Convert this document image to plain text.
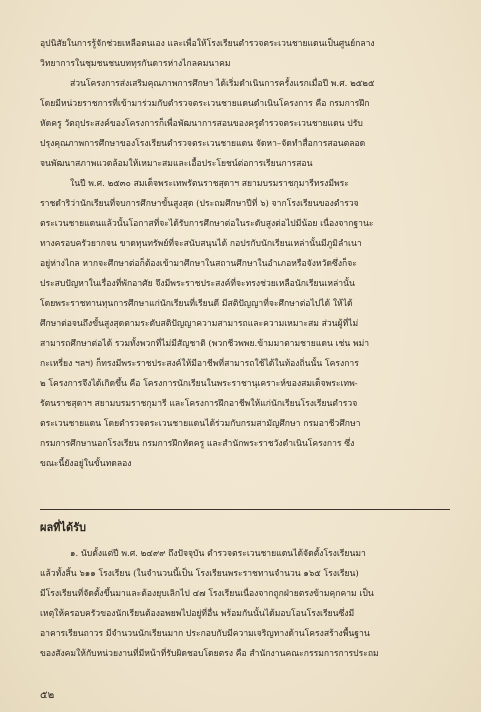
อุปนิสัยในการรู้จักช่วยเหลือตนเอง และเพื่อให้โรงเรียนตำรวจตระเวนชายแดนเป็นศูนย์กลาง
วิทยาการในชุมชนชนบททุรกันดารห่างไกลคมนาคม
ส่วนโครงการส่งเสริมคุณภาพการศึกษา ได้เริ่มดำเนินการครั้งแรกเมื่อปี พ.ศ. ๒๕๒๕
โดยมีหน่วยราชการที่เข้ามาร่วมกับตำรวจตระเวนชายแดนดำเนินโครงการ คือ กรมการฝึก
หัดครู วัตถุประสงค์ของโครงการก็เพื่อพัฒนาการสอนของครูตำรวจตระเวนชายแดน ปรับ
ปรุงคุณภาพการศึกษาของโรงเรียนตำรวจตระเวนชายแดน จัดหา–จัดทำสื่อการสอนตลอด
จนพัฒนาสภาพแวดล้อมให้เหมาะสมและเอื้อประโยชน์ต่อการเรียนการสอน
ในปี พ.ศ. ๒๕๓๐ สมเด็จพระเทพรัตนราชสุดาฯ สยามบรมราชกุมารีทรงมีพระ
ราชดำริว่านักเรียนที่จบการศึกษาขั้นสูงสุด (ประถมศึกษาปีที่ ๖) จากโรงเรียนของตำรวจ
ตระเวนชายแดนแล้วนั้นโอกาสที่จะได้รับการศึกษาต่อในระดับสูงต่อไปมีน้อย เนื่องจากฐานะ
ทางครอบครัวยากจน ขาดทุนทรัพย์ที่จะสนับสนุนได้ กอปรกับนักเรียนเหล่านั้นมีภูมิลำเนา
อยู่ห่างไกล หากจะศึกษาต่อก็ต้องเข้ามาศึกษาในสถานศึกษาในอำเภอหรือจังหวัดซึ่งก็จะ
ประสบปัญหาในเรื่องที่พักอาศัย จึงมีพระราชประสงค์ที่จะทรงช่วยเหลือนักเรียนเหล่านั้น
โดยพระราชทานทุนการศึกษาแก่นักเรียนที่เรียนดี มีสติปัญญาที่จะศึกษาต่อไปได้ ให้ได้
ศึกษาต่อจนถึงขั้นสูงสุดตามระดับสติปัญญาความสามารถและความเหมาะสม ส่วนผู้ที่ไม่
สามารถศึกษาต่อได้ รวมทั้งพวกที่ไม่มีสัญชาติ (พวกชีวพพย.ข้ามมาตามชายแดน เช่น พม่า
กะเหรี่ยง ฯลฯ) ก็ทรงมีพระราชประสงค์ให้มีอาชีพที่สามารถใช้ได้ในท้องถิ่นนั้น โครงการ
๒ โครงการจึงได้เกิดขึ้น คือ โครงการนักเรียนในพระราชานุเคราะห์ของสมเด็จพระเทพ-
รัตนราชสุดาฯ สยามบรมราชกุมารี และโครงการฝึกอาชีพให้แก่นักเรียนโรงเรียนตำรวจ
ตระเวนชายแดน โดยตำรวจตระเวนชายแดนได้ร่วมกับกรมสามัญศึกษา กรมอาชีวศึกษา
กรมการศึกษานอกโรงเรียน กรมการฝึกหัดครู และสำนักพระราชวังดำเนินโครงการ ซึ่ง
ขณะนี้ยังอยู่ในขั้นทดลอง
ผลที่ได้รับ
๑. นับตั้งแต่ปี พ.ศ. ๒๔๙๙ ถึงปัจจุบัน ตำรวจตระเวนชายแดนได้จัดตั้งโรงเรียนมา
แล้วทั้งสิ้น ๖๑๑ โรงเรียน (ในจำนวนนี้เป็น โรงเรียนพระราชทานจำนวน ๑๖๕ โรงเรียน)
มีโรงเรียนที่จัดตั้งขึ้นมาและต้องยุบเลิกไป ๔๗ โรงเรียนเนื่องจากถูกฝ่ายตรงข้ามคุกคาม เป็น
เหตุให้ครอบครัวของนักเรียนต้องอพยพไปอยู่ที่อื่น พร้อมกันนั้นได้มอบโอนโรงเรียนซึ่งมี
อาคารเรียนถาวร มีจำนวนนักเรียนมาก ประกอบกับมีความเจริญทางด้านโครงสร้างพื้นฐาน
ของสังคมให้กับหน่วยงานที่มีหน้าที่รับผิดชอบโดยตรง คือ สำนักงานคณะกรรมการการประถม
๕๒
